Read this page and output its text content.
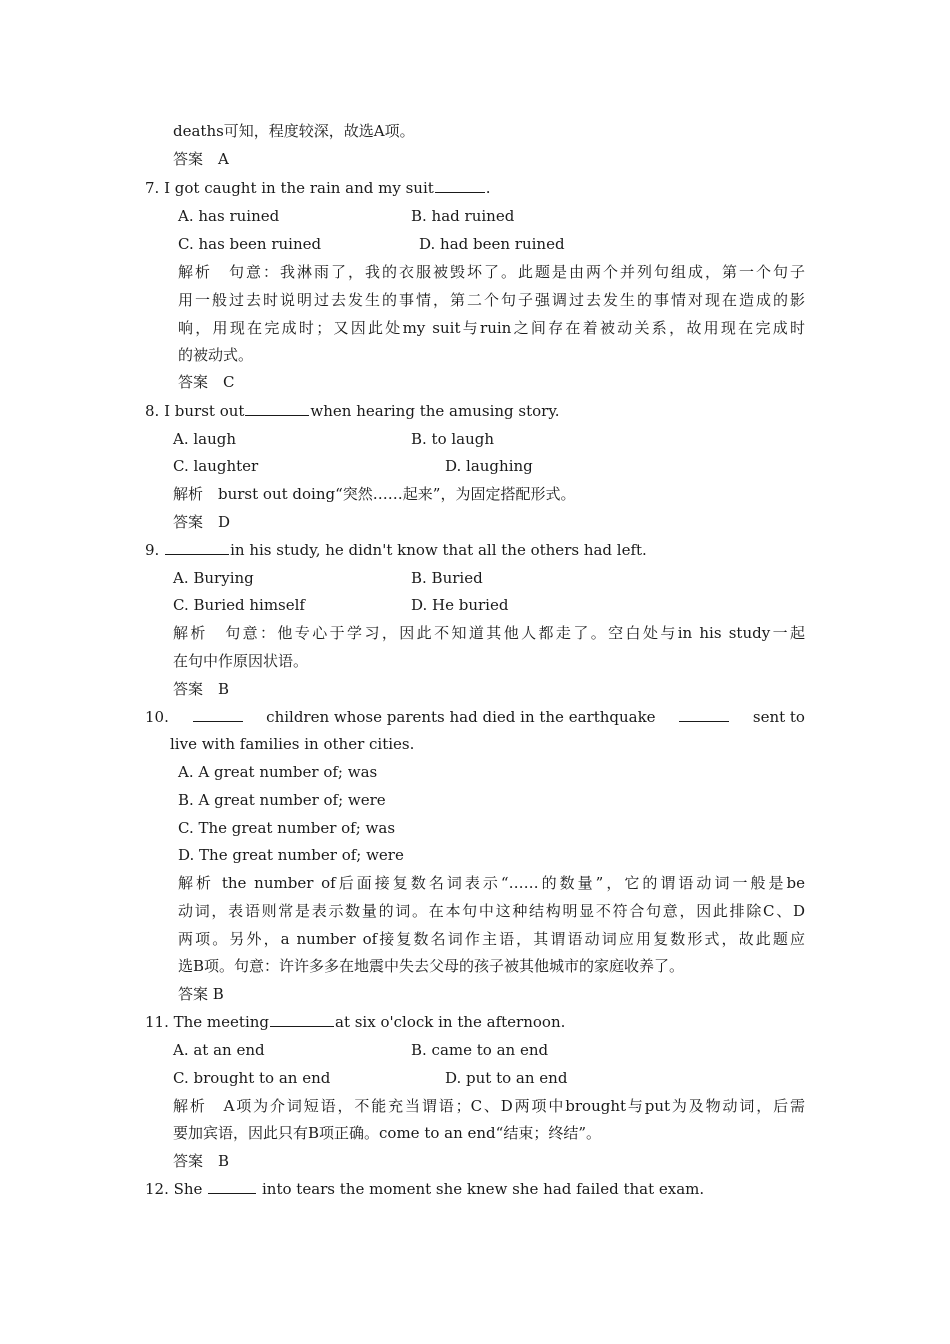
deaths可知，程度较深，故选A项。
答案　A
7. I got caught in the rain and my suit	.
A. has ruined	B. had ruined
C. has been ruined	D. had been ruined
解析　句意：我淋雨了，我的衣服被毁坏了。此题是由两个并列句组成，第一个句子
用一般过去时说明过去发生的事情，第二个句子强调过去发生的事情对现在造成的影
响，用现在完成时；又因此处my suit与ruin之间存在着被动关系，故用现在完成时
的被动式。
答案　C
8. I burst out	when hearing the amusing story.
A. laugh	B. to laugh
C. laughter	D. laughing
解析　burst out doing“突然……起来”，为固定搭配形式。
答案　D
9.	in his study, he didn't know that all the others had left.
A. Burying	B. Buried
C. Buried himself	D. He buried
解析　句意：他专心于学习，因此不知道其他人都走了。空白处与in his study一起
在句中作原因状语。
答案　B
10.	children whose parents had died in the earthquake	sent to
live with families in other cities.
A. A great number of; was
B. A great number of; were
C. The great number of; was
D. The great number of; were
解析 the number of后面接复数名词表示“……的数量”，它的谓语动词一般是be
动词，表语则常是表示数量的词。在本句中这种结构明显不符合句意，因此排除C、D
两项。另外，a number of接复数名词作主语，其谓语动词应用复数形式，故此题应
选B项。句意：许许多多在地震中失去父母的孩子被其他城市的家庭收养了。
答案 B
11. The meeting	at six o'clock in the afternoon.
A. at an end	B. came to an end
C. brought to an end	D. put to an end
解析　A项为介词短语，不能充当谓语；C、D两项中brought与put为及物动词，后需
要加宾语，因此只有B项正确。come to an end“结束；终结”。
答案　B
12. She	into tears the moment she knew she had failed that exam.
